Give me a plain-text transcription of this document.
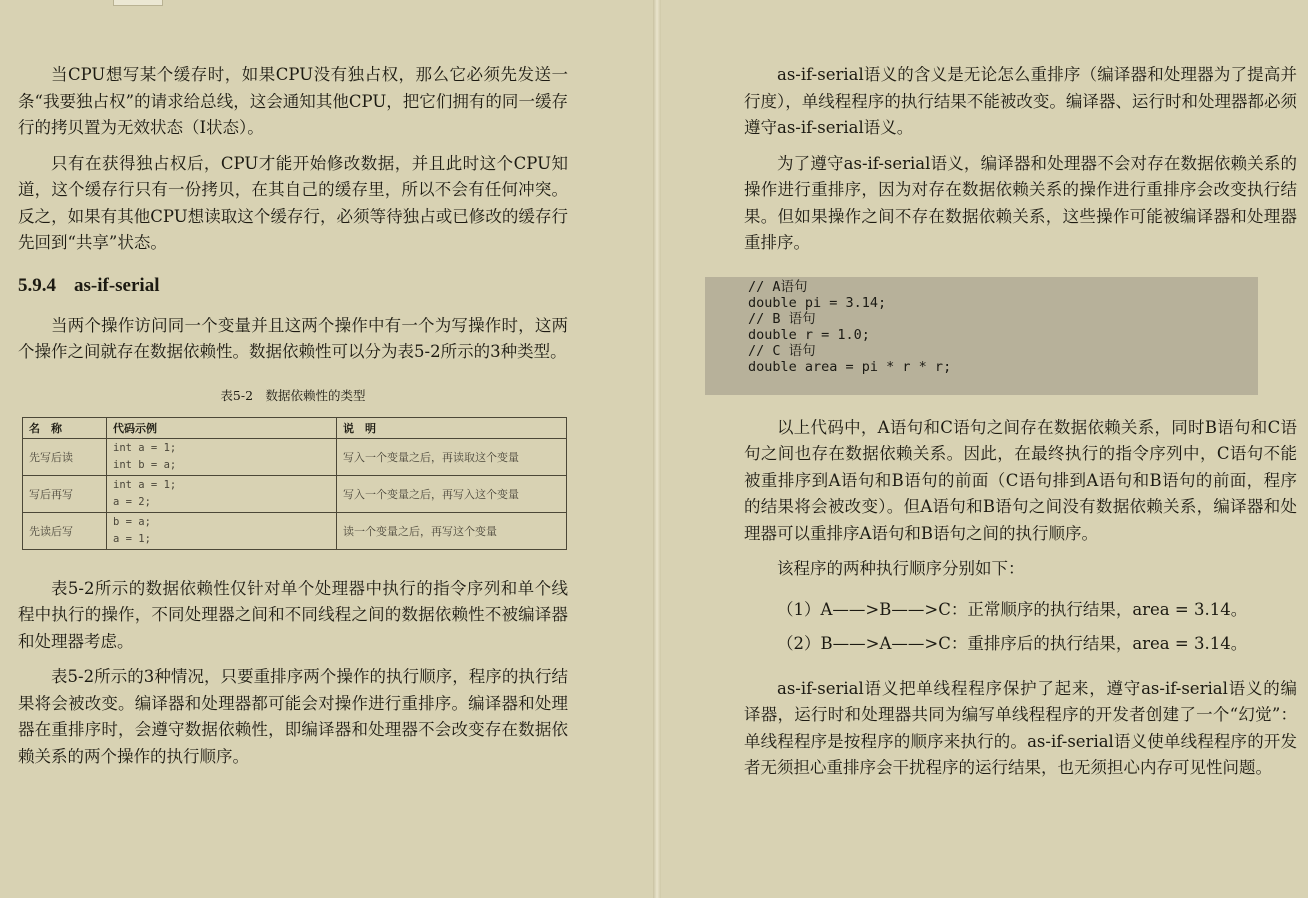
当CPU想写某个缓存时，如果CPU没有独占权，那么它必须先发送一条“我要独占权”的请求给总线，这会通知其他CPU，把它们拥有的同一缓存行的拷贝置为无效状态（I状态）。

只有在获得独占权后，CPU才能开始修改数据，并且此时这个CPU知道，这个缓存行只有一份拷贝，在其自己的缓存里，所以不会有任何冲突。反之，如果有其他CPU想读取这个缓存行，必须等待独占或已修改的缓存行先回到“共享”状态。

5.9.4 as-if-serial

当两个操作访问同一个变量并且这两个操作中有一个为写操作时，这两个操作之间就存在数据依赖性。数据依赖性可以分为表5-2所示的3种类型。

表5-2　数据依赖性的类型
名　称	代码示例	说　明
先写后读	int a = 1;
int b = a;	写入一个变量之后，再读取这个变量
写后再写	int a = 1;
a = 2;	写入一个变量之后，再写入这个变量
先读后写	b = a;
a = 1;	读一个变量之后，再写这个变量

表5-2所示的数据依赖性仅针对单个处理器中执行的指令序列和单个线程中执行的操作，不同处理器之间和不同线程之间的数据依赖性不被编译器和处理器考虑。

表5-2所示的3种情况，只要重排序两个操作的执行顺序，程序的执行结果将会被改变。编译器和处理器都可能会对操作进行重排序。编译器和处理器在重排序时，会遵守数据依赖性，即编译器和处理器不会改变存在数据依赖关系的两个操作的执行顺序。

as-if-serial语义的含义是无论怎么重排序（编译器和处理器为了提高并行度），单线程程序的执行结果不能被改变。编译器、运行时和处理器都必须遵守as-if-serial语义。

为了遵守as-if-serial语义，编译器和处理器不会对存在数据依赖关系的操作进行重排序，因为对存在数据依赖关系的操作进行重排序会改变执行结果。但如果操作之间不存在数据依赖关系，这些操作可能被编译器和处理器重排序。

// A语句
double pi = 3.14;
// B 语句
double r = 1.0;
// C 语句
double area = pi * r * r;

以上代码中，A语句和C语句之间存在数据依赖关系，同时B语句和C语句之间也存在数据依赖关系。因此，在最终执行的指令序列中，C语句不能被重排序到A语句和B语句的前面（C语句排到A语句和B语句的前面，程序的结果将会被改变）。但A语句和B语句之间没有数据依赖关系，编译器和处理器可以重排序A语句和B语句之间的执行顺序。

该程序的两种执行顺序分别如下：

（1）A——>B——>C：正常顺序的执行结果，area = 3.14。
（2）B——>A——>C：重排序后的执行结果，area = 3.14。

as-if-serial语义把单线程程序保护了起来，遵守as-if-serial语义的编译器，运行时和处理器共同为编写单线程程序的开发者创建了一个“幻觉”：单线程程序是按程序的顺序来执行的。as-if-serial语义使单线程程序的开发者无须担心重排序会干扰程序的运行结果，也无须担心内存可见性问题。
